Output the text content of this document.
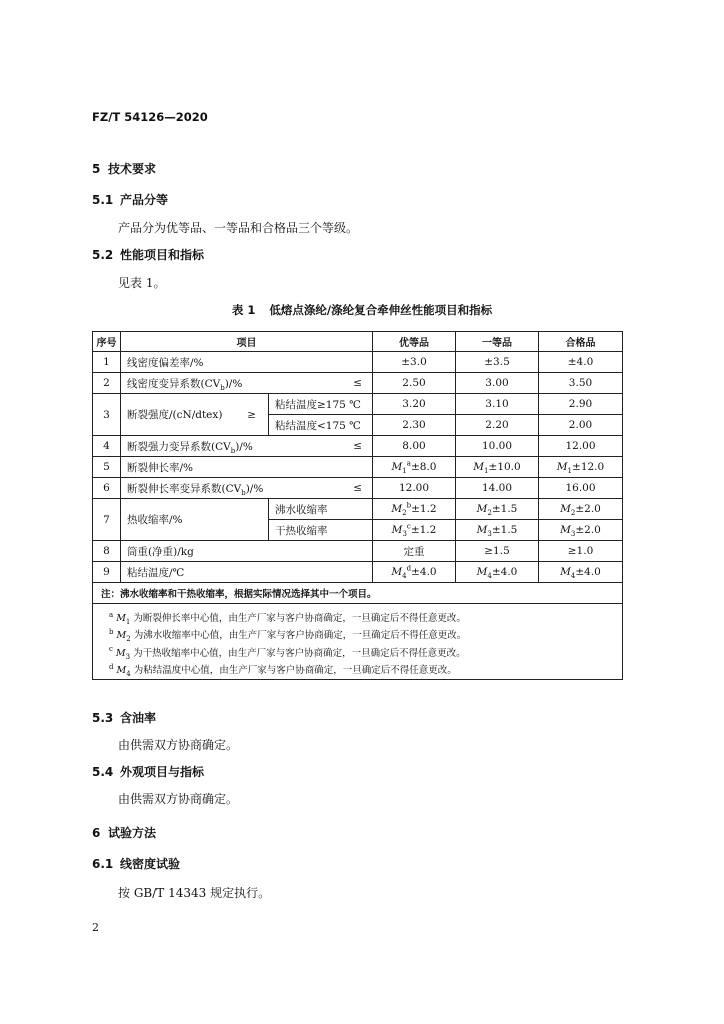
FZ/T 54126—2020
5 技术要求
5.1 产品分等
产品分为优等品、一等品和合格品三个等级。
5.2 性能项目和指标
见表 1。
表 1 低熔点涤纶/涤纶复合牵伸丝性能项目和指标
序号	项目		优等品	一等品	合格品
1	线密度偏差率/%		±3.0	±3.5	±4.0
2	线密度变异系数$(CV_b)/\%$ ≤		2.50	3.00	3.50
3	断裂强度/(cN/dtex) ≥	粘结温度≥175 ℃	3.20	3.10	2.90
		粘结温度<175 ℃	2.30	2.20	2.00
4	断裂强力变异系数$(CV_b)/\%$ ≤		8.00	10.00	12.00
5	断裂伸长率/%		$M_1^a\pm 8.0$	$M_1\pm 10.0$	$M_1\pm 12.0$
6	断裂伸长率变异系数$(CV_b)/\%$ ≤		12.00	14.00	16.00
7	热收缩率/%	沸水收缩率	$M_2^b\pm 1.2$	$M_2\pm 1.5$	$M_2\pm 2.0$
		干热收缩率	$M_3^c\pm 1.2$	$M_3\pm 1.5$	$M_3\pm 2.0$
8	筒重(净重)/kg		定重	≥1.5	≥1.0
9	粘结温度/℃		$M_4^d\pm 4.0$	$M_4\pm 4.0$	$M_4\pm 4.0$
注：沸水收缩率和干热收缩率，根据实际情况选择其中一个项目。					

$^a$ $M_1$ 为断裂伸长率中心值，由生产厂家与客户协商确定，一旦确定后不得任意更改。
$^b$ $M_2$ 为沸水收缩率中心值，由生产厂家与客户协商确定，一旦确定后不得任意更改。
$^c$ $M_3$ 为干热收缩率中心值，由生产厂家与客户协商确定，一旦确定后不得任意更改。
$^d$ $M_4$ 为粘结温度中心值，由生产厂家与客户协商确定，一旦确定后不得任意更改。					
5.3 含油率
由供需双方协商确定。
5.4 外观项目与指标
由供需双方协商确定。
6 试验方法
6.1 线密度试验
按 GB/T 14343 规定执行。
2
